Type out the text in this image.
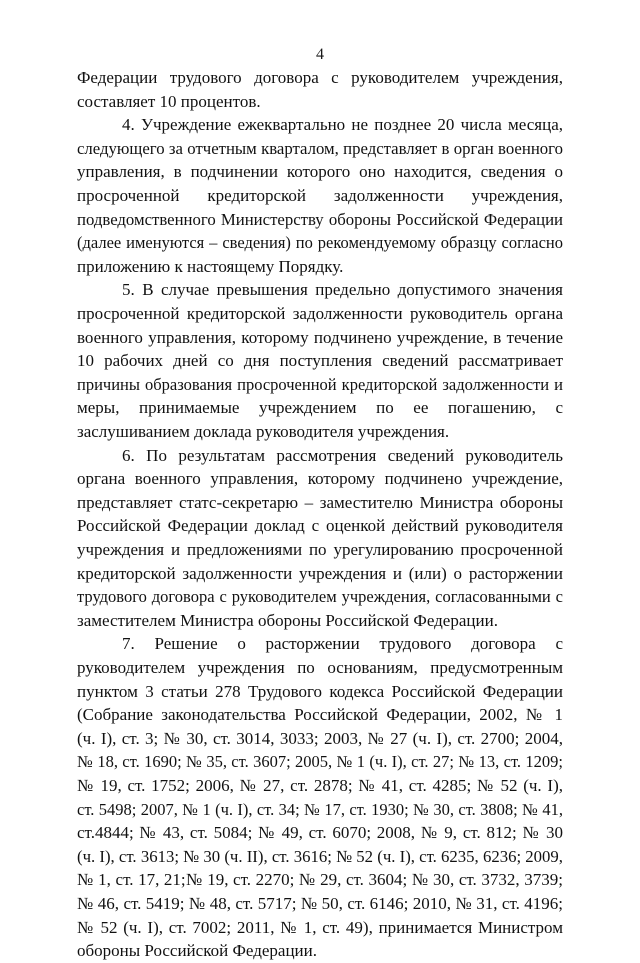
4
Федерации трудового договора с руководителем учреждения,
составляет 10 процентов.
4. Учреждение ежеквартально не позднее 20 числа месяца,
следующего за отчетным кварталом, представляет в орган военного
управления, в подчинении которого оно находится, сведения о
просроченной кредиторской задолженности учреждения,
подведомственного Министерству обороны Российской Федерации
(далее именуются – сведения) по рекомендуемому образцу согласно
приложению к настоящему Порядку.
5. В случае превышения предельно допустимого значения
просроченной кредиторской задолженности руководитель органа
военного управления, которому подчинено учреждение, в течение
10 рабочих дней со дня поступления сведений рассматривает
причины образования просроченной кредиторской задолженности и
меры, принимаемые учреждением по ее погашению, с
заслушиванием доклада руководителя учреждения.
6. По результатам рассмотрения сведений руководитель
органа военного управления, которому подчинено учреждение,
представляет статс-секретарю – заместителю Министра обороны
Российской Федерации доклад с оценкой действий руководителя
учреждения и предложениями по урегулированию просроченной
кредиторской задолженности учреждения и (или) о расторжении
трудового договора с руководителем учреждения, согласованными с
заместителем Министра обороны Российской Федерации.
7. Решение о расторжении трудового договора с
руководителем учреждения по основаниям, предусмотренным
пунктом 3 статьи 278 Трудового кодекса Российской Федерации
(Собрание законодательства Российской Федерации, 2002, № 1
(ч. I), ст. 3; № 30, ст. 3014, 3033; 2003, № 27 (ч. I), ст. 2700; 2004,
№ 18, ст. 1690; № 35, ст. 3607; 2005, № 1 (ч. I), ст. 27; № 13, ст. 1209;
№ 19, ст. 1752; 2006, № 27, ст. 2878; № 41, ст. 4285; № 52 (ч. I),
ст. 5498; 2007, № 1 (ч. I), ст. 34; № 17, ст. 1930; № 30, ст. 3808; № 41,
ст.4844; № 43, ст. 5084; № 49, ст. 6070; 2008, № 9, ст. 812; № 30
(ч. I), ст. 3613; № 30 (ч. II), ст. 3616; № 52 (ч. I), ст. 6235, 6236; 2009,
№ 1, ст. 17, 21;№ 19, ст. 2270; № 29, ст. 3604; № 30, ст. 3732, 3739;
№ 46, ст. 5419; № 48, ст. 5717; № 50, ст. 6146; 2010, № 31, ст. 4196;
№ 52 (ч. I), ст. 7002; 2011, № 1, ст. 49), принимается Министром
обороны Российской Федерации.
